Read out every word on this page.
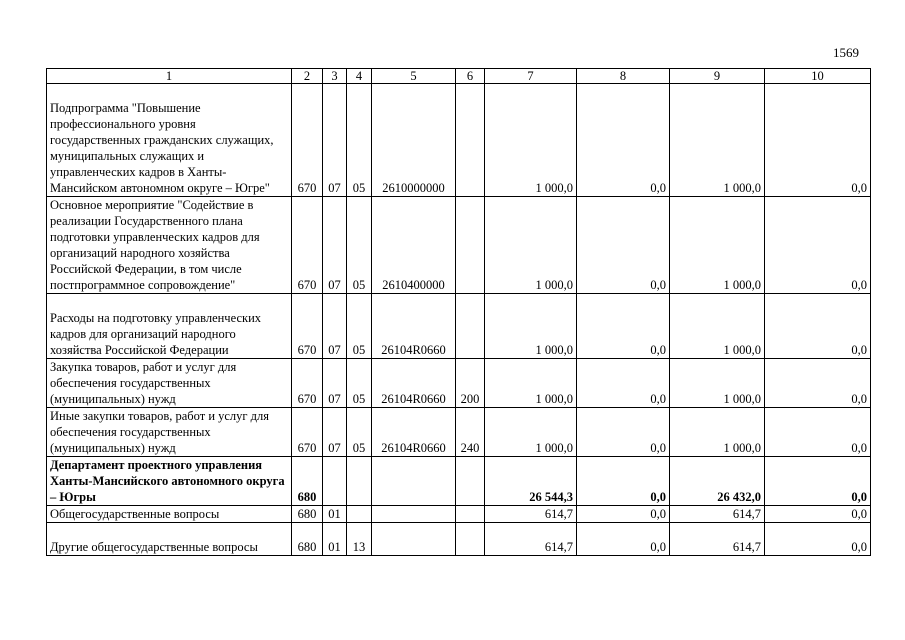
1569
1	2	3	4	5	6	7	8	9	10
Подпрограмма "Повышение профессионального уровня государственных гражданских служащих, муниципальных служащих и управленческих кадров в Ханты-Мансийском автономном округе – Югре"	670	07	05	2610000000		1 000,0	0,0	1 000,0	0,0
Основное мероприятие "Содействие в реализации Государственного плана подготовки управленческих кадров для организаций народного хозяйства Российской Федерации, в том числе постпрограммное сопровождение"	670	07	05	2610400000		1 000,0	0,0	1 000,0	0,0
Расходы на подготовку управленческих кадров для организаций народного хозяйства Российской Федерации	670	07	05	26104R0660		1 000,0	0,0	1 000,0	0,0
Закупка товаров, работ и услуг для обеспечения государственных (муниципальных) нужд	670	07	05	26104R0660	200	1 000,0	0,0	1 000,0	0,0
Иные закупки товаров, работ и услуг для обеспечения государственных (муниципальных) нужд	670	07	05	26104R0660	240	1 000,0	0,0	1 000,0	0,0
Департамент проектного управления Ханты-Мансийского автономного округа – Югры	680					26 544,3	0,0	26 432,0	0,0
Общегосударственные вопросы	680	01				614,7	0,0	614,7	0,0
Другие общегосударственные вопросы	680	01	13			614,7	0,0	614,7	0,0
